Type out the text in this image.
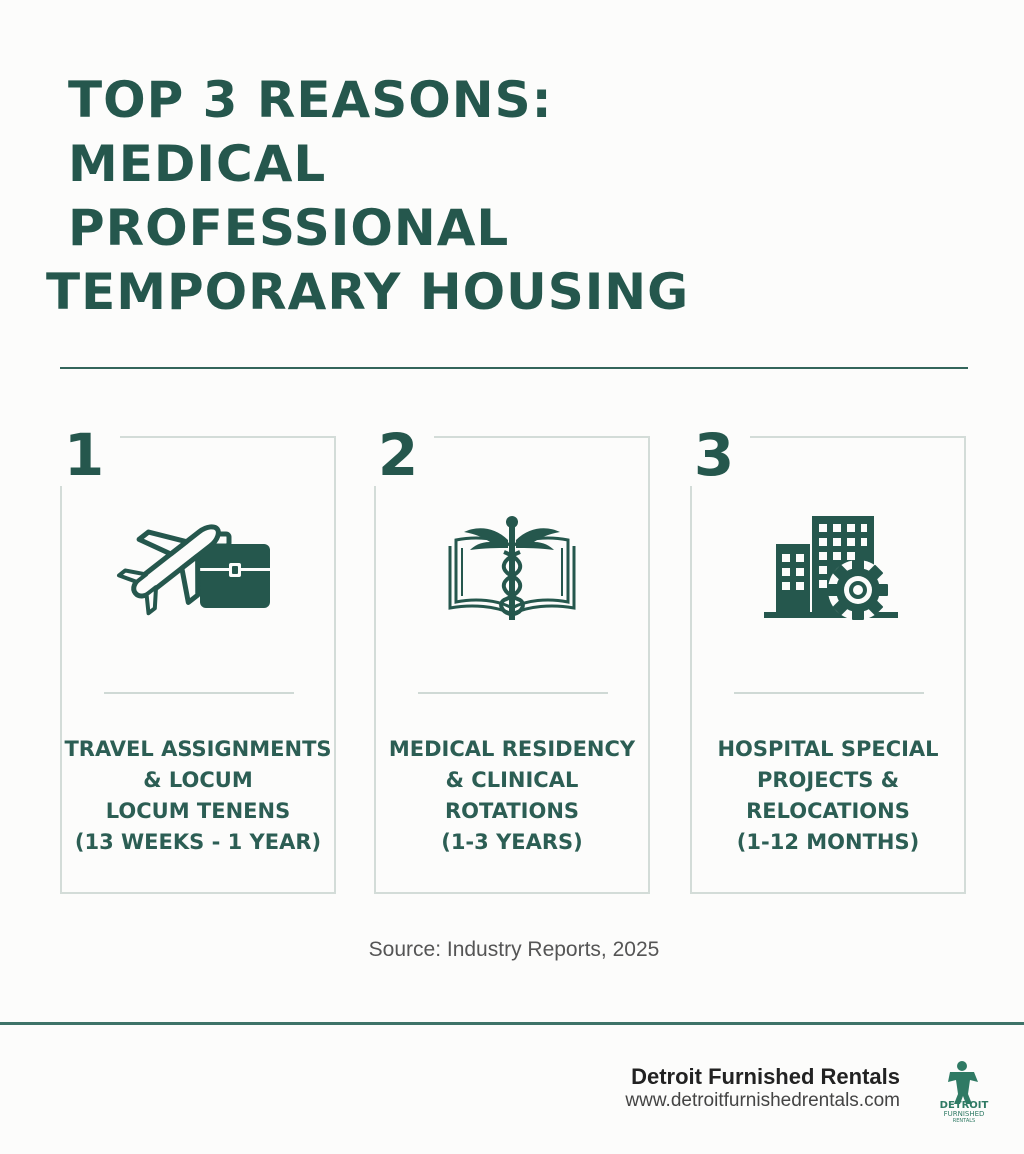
TOP 3 REASONS:
MEDICAL
PROFESSIONAL
TEMPORARY HOUSING
1
TRAVEL ASSIGNMENTS
& LOCUM
LOCUM TENENS
(13 WEEKS - 1 YEAR)
2
MEDICAL RESIDENCY
& CLINICAL
ROTATIONS
(1-3 YEARS)
3
HOSPITAL SPECIAL
PROJECTS &
RELOCATIONS
(1-12 MONTHS)
Source: Industry Reports, 2025
Detroit Furnished Rentals
www.detroitfurnishedrentals.com	DETROIT
FURNISHED
RENTALS
